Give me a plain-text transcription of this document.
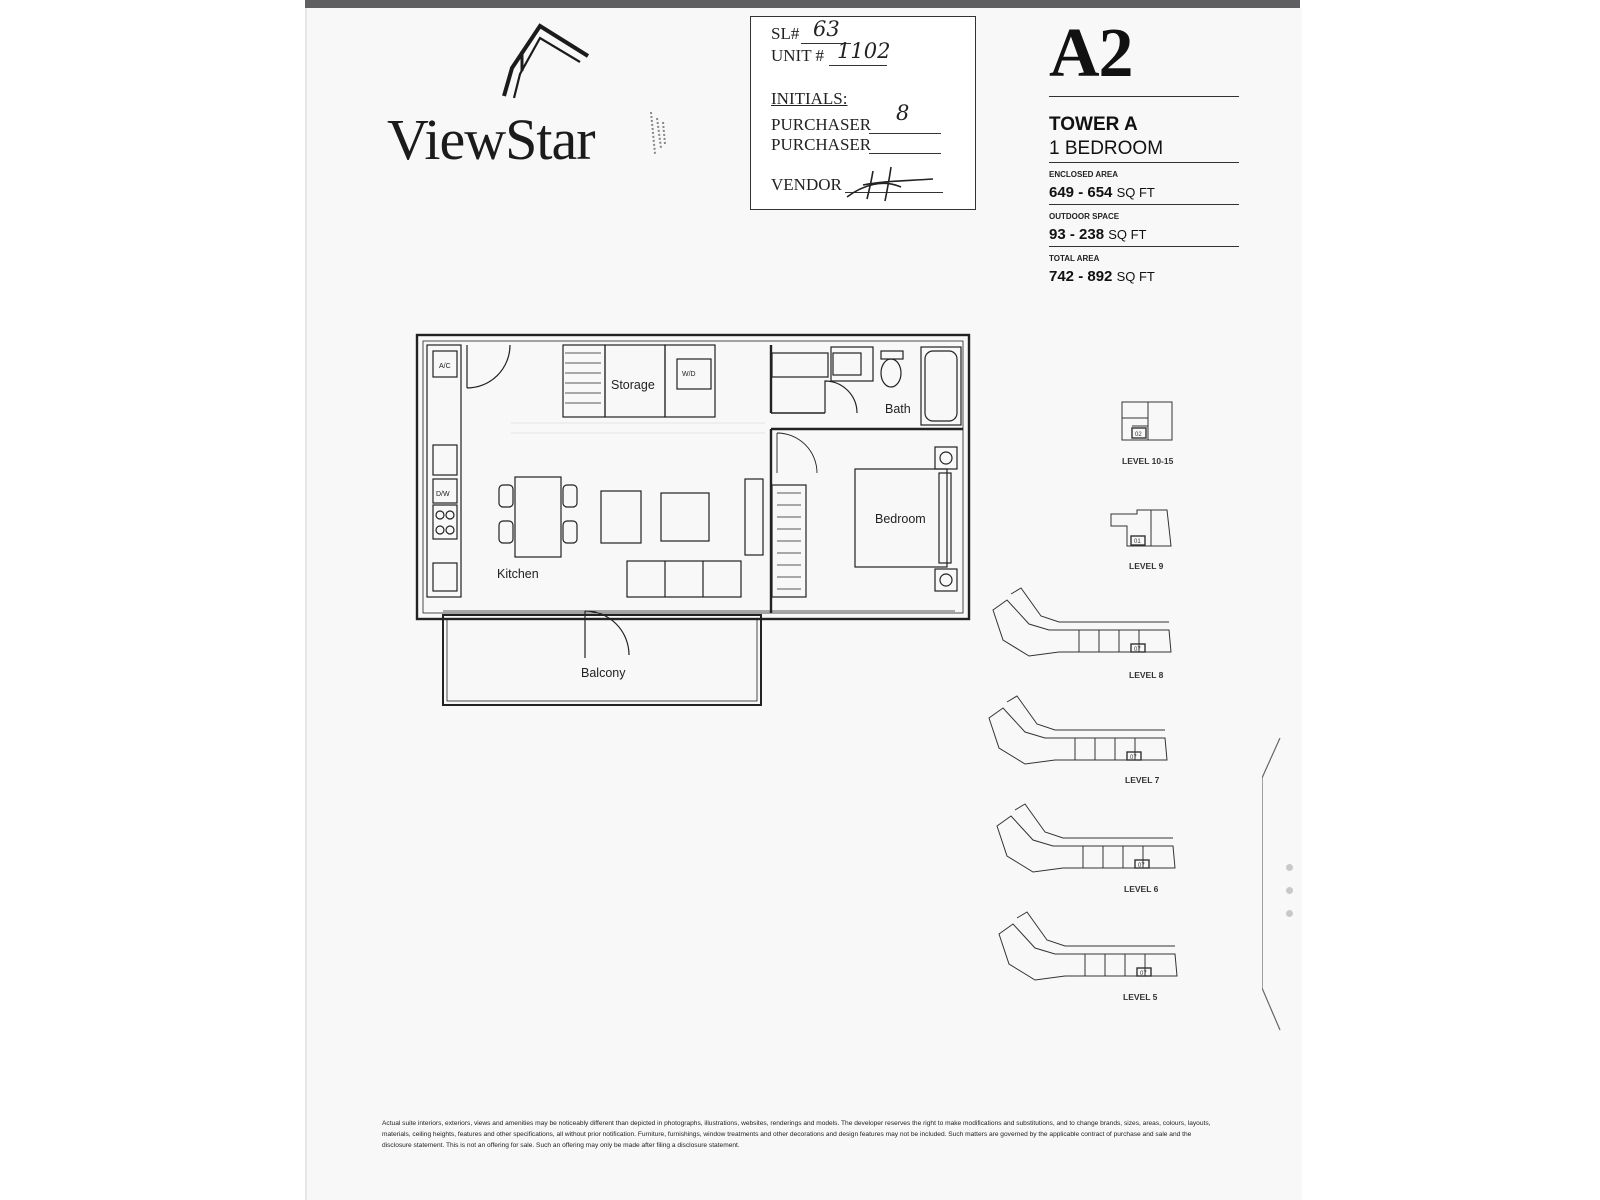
ViewStar
SL# 63
UNIT # 1102
INITIALS:
PURCHASER 8
PURCHASER
VENDOR
A2
TOWER A
1 BEDROOM
ENCLOSED AREA
649 - 654 SQ FT
OUTDOOR SPACE
93 - 238 SQ FT
TOTAL AREA
742 - 892 SQ FT
Storage
W/D
A/C
D/W
Bath
Kitchen
Bedroom
Balcony
02
LEVEL 10-15
01
LEVEL 9
07
LEVEL 8
07
LEVEL 7
07
LEVEL 6
07
LEVEL 5
Actual suite interiors, exteriors, views and amenities may be noticeably different than depicted in photographs, illustrations, websites, renderings and models. The developer reserves the right to make modifications and substitutions, and to change brands, sizes, areas, colours, layouts, materials, ceiling heights, features and other specifications, all without prior notification. Furniture, furnishings, window treatments and other decorations and design features may not be included. Such matters are governed by the applicable contract of purchase and sale and the disclosure statement. This is not an offering for sale. Such an offering may only be made after filing a disclosure statement.
